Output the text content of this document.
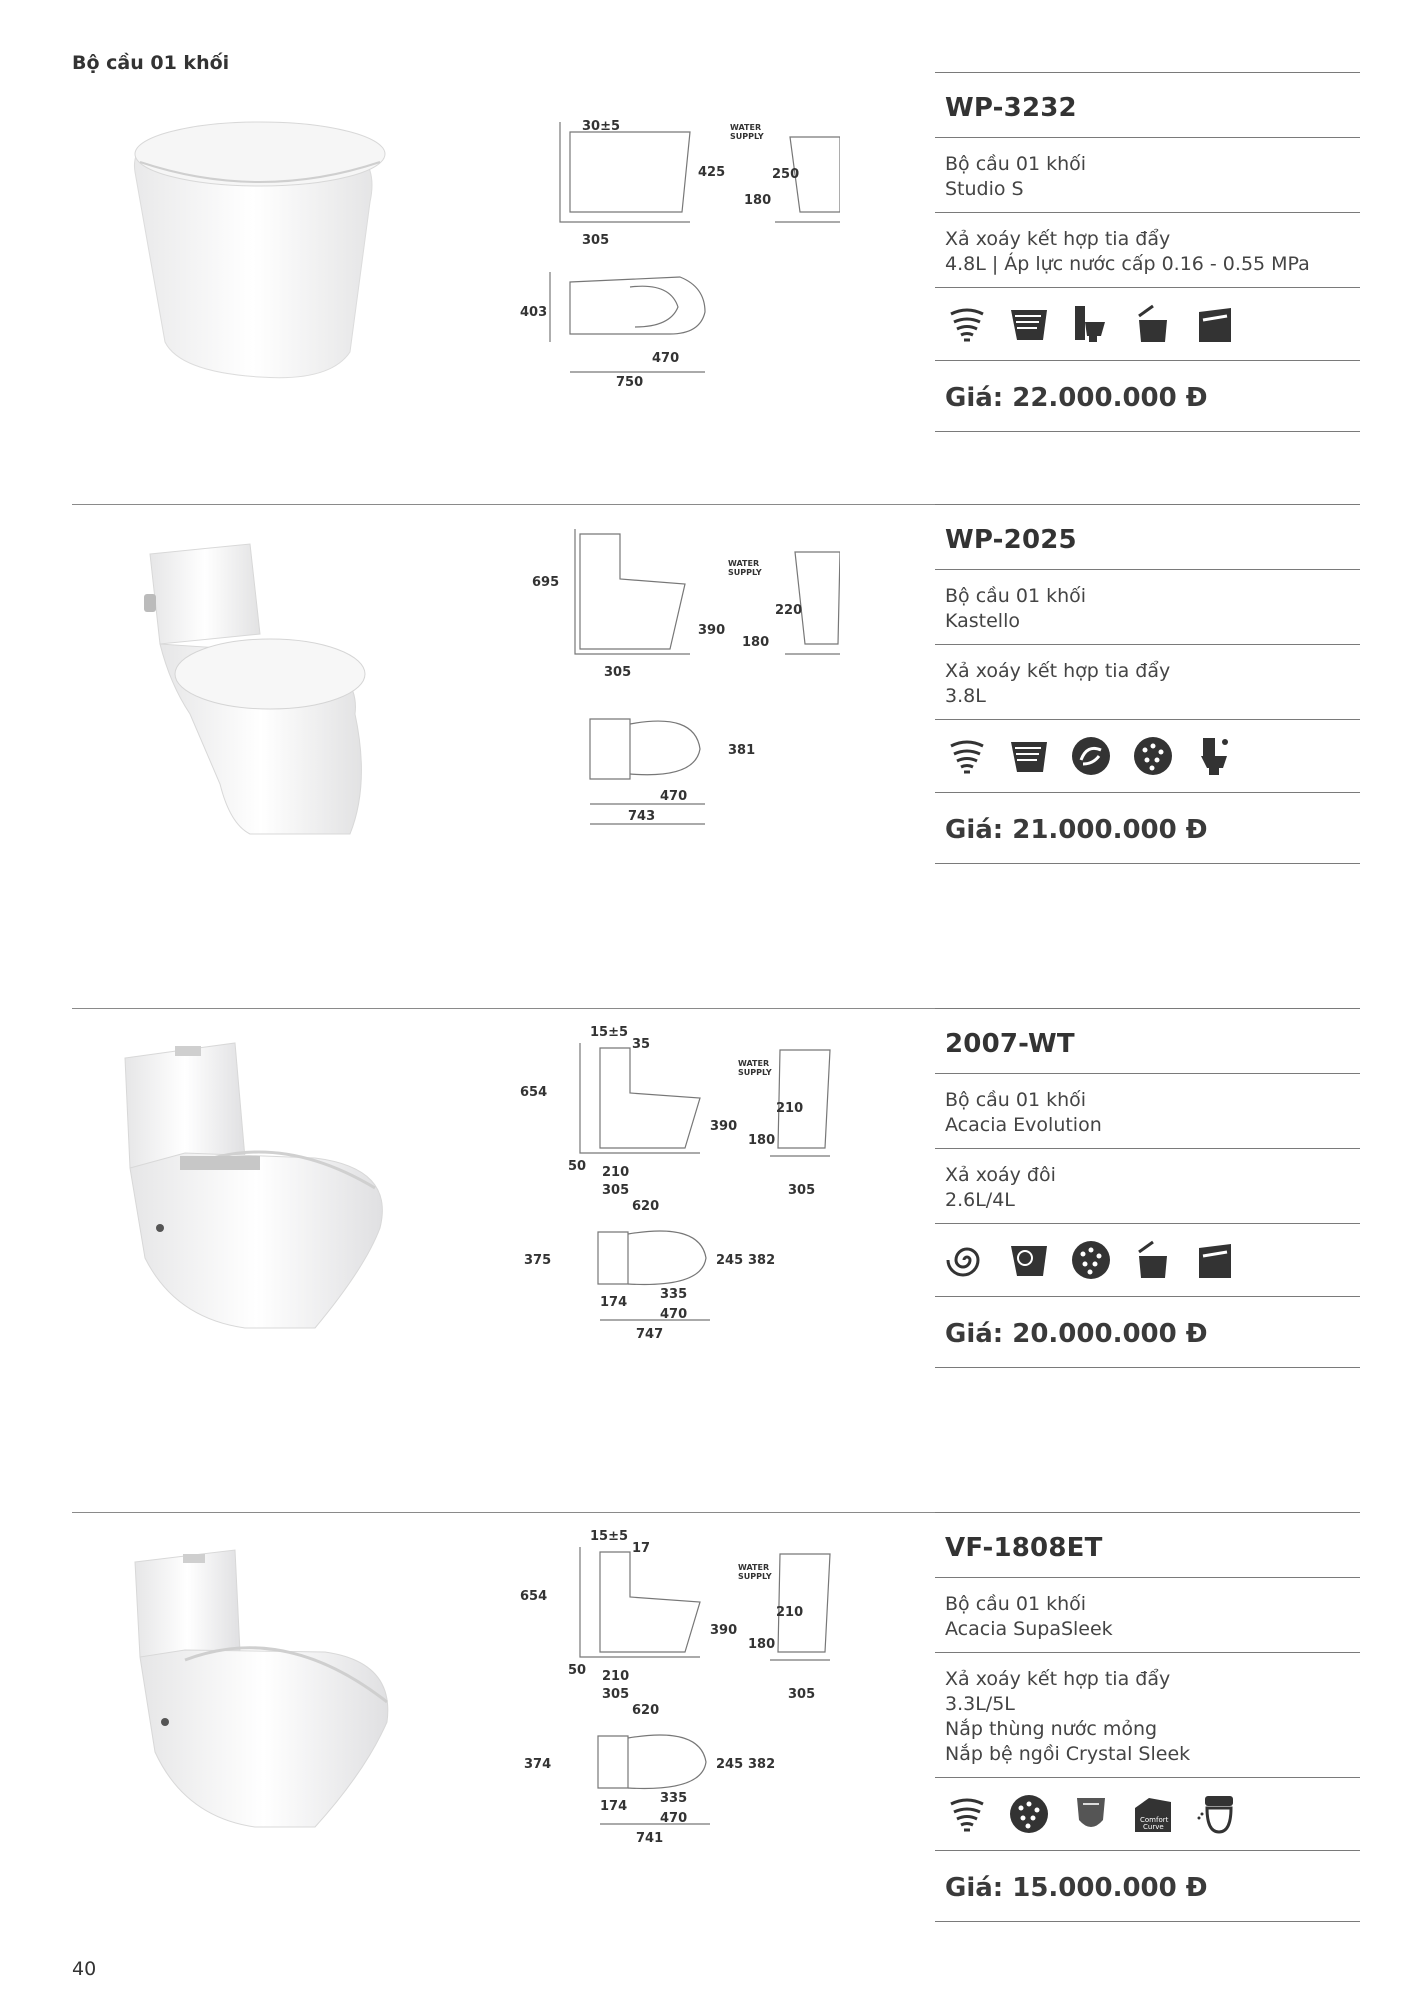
Bộ cầu 01 khối
30±5
425	250
180
305
403
470
750
WATER
SUPPLY
WP-3232
Bộ cầu 01 khối
Studio S
Xả xoáy kết hợp tia đẩy
4.8L | Áp lực nước cấp 0.16 - 0.55 MPa
Giá: 22.000.000 Đ
695
390
220
180
305
381
470
743
WATER
SUPPLY
WP-2025
Bộ cầu 01 khối
Kastello
Xả xoáy kết hợp tia đẩy
3.8L
Giá: 21.000.000 Đ
15±5
35
654
390
210
180
50 210
305
620
305
375	245 382
174
335
470
747
WATER
SUPPLY
2007-WT
Bộ cầu 01 khối
Acacia Evolution
Xả xoáy đôi
2.6L/4L
Giá: 20.000.000 Đ
15±5
17
654
390
210
180
50 210
305
620
305
374	245 382
174
335
470
741
WATER
SUPPLY
VF-1808ET
Bộ cầu 01 khối
Acacia SupaSleek
Xả xoáy kết hợp tia đẩy
3.3L/5L
Nắp thùng nước mỏng
Nắp bệ ngồi Crystal Sleek
Comfort
Curve
Giá: 15.000.000 Đ
40
